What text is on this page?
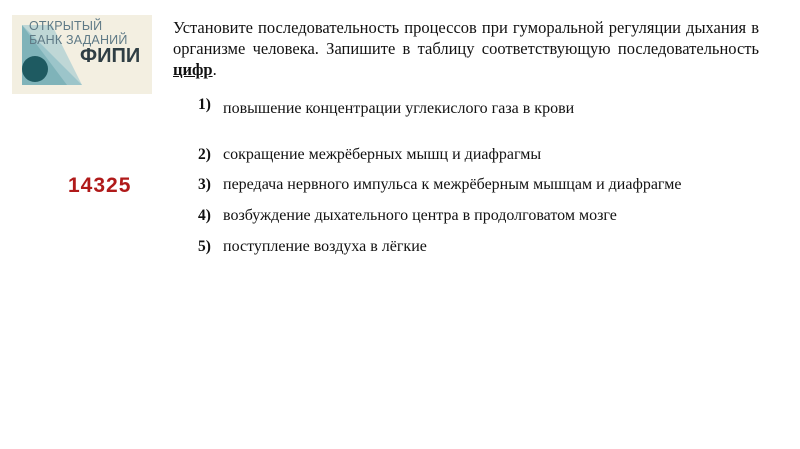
ОТКРЫТЫЙ
БАНК ЗАДАНИЙ
ФИПИ
Установите последовательность процессов при гуморальной регуляции дыхания в организме человека. Запишите в таблицу соответствующую последовательность цифр.
14325
1) повышение концентрации углекислого газа в крови
2) сокращение межрёберных мышц и диафрагмы
3) передача нервного импульса к межрёберным мышцам и диафрагме
4) возбуждение дыхательного центра в продолговатом мозге
5) поступление воздуха в лёгкие
